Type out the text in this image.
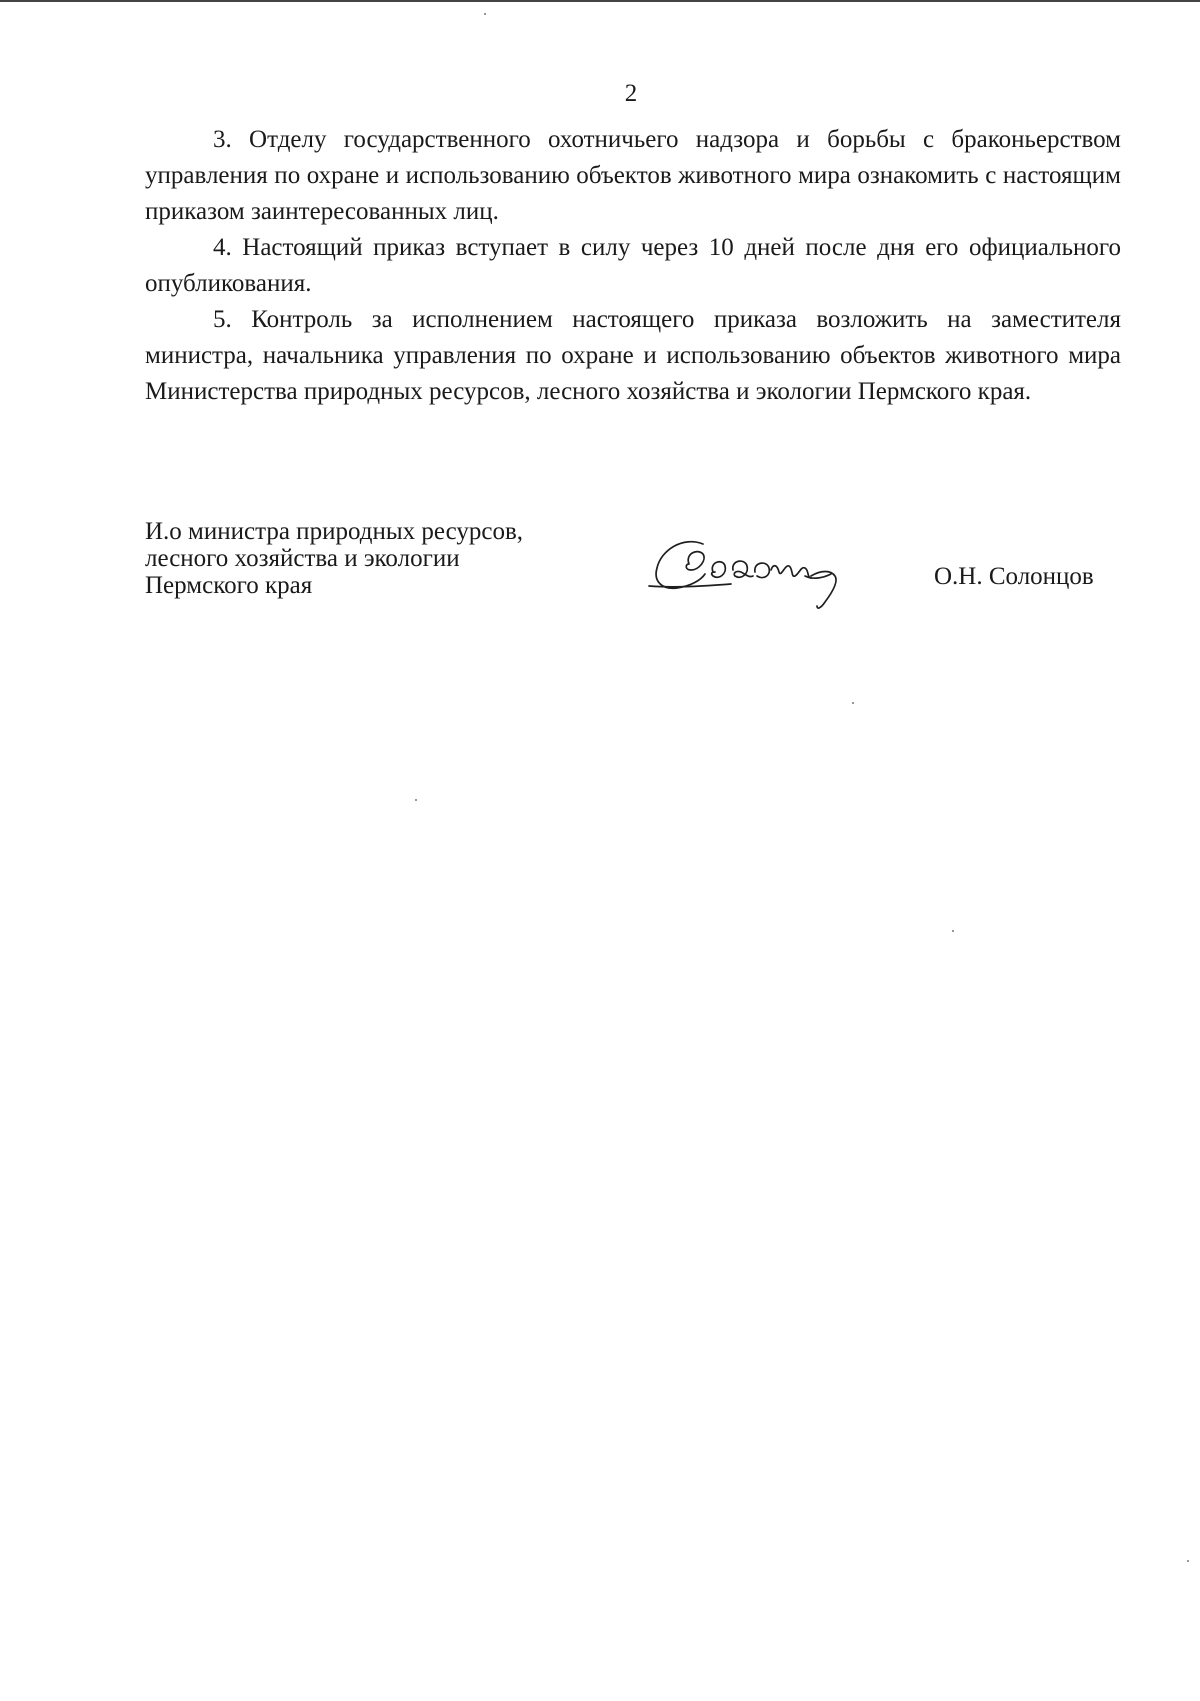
2

3. Отделу государственного охотничьего надзора и борьбы с браконьерством управления по охране и использованию объектов животного мира ознакомить с настоящим приказом заинтересованных лиц.

4. Настоящий приказ вступает в силу через 10 дней после дня его официального опубликования.

5. Контроль за исполнением настоящего приказа возложить на заместителя министра, начальника управления по охране и использованию объектов животного мира Министерства природных ресурсов, лесного хозяйства и экологии Пермского края.

И.о министра природных ресурсов,
лесного хозяйства и экологии
Пермского края	О.Н. Солонцов
